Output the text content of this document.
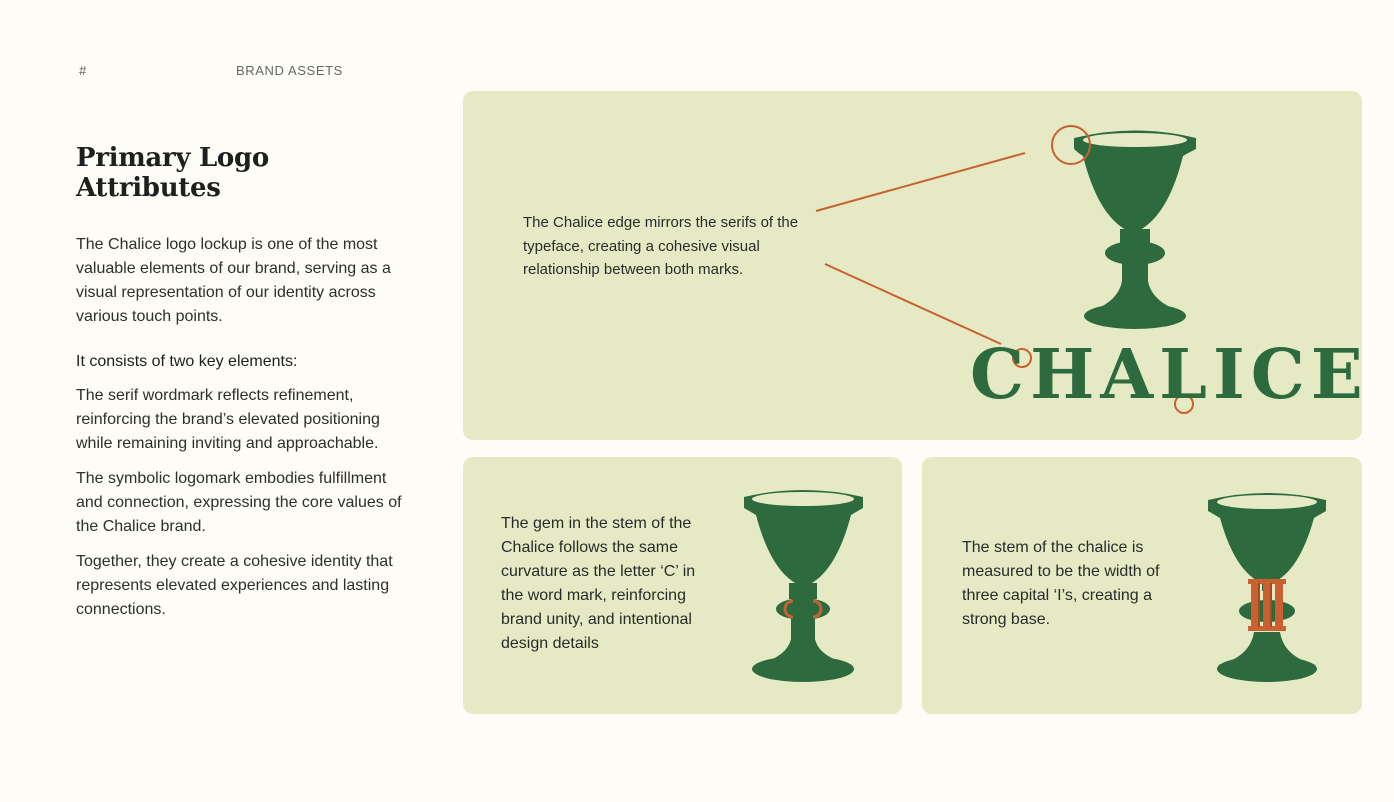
#	BRAND ASSETS
Primary Logo Attributes

The Chalice logo lockup is one of the most valuable elements of our brand, serving as a visual representation of our identity across various touch points.

It consists of two key elements:

The serif wordmark reflects refinement, reinforcing the brand’s elevated positioning while remaining inviting and approachable.

The symbolic logomark embodies fulfillment and connection, expressing the core values of the Chalice brand.

Together, they create a cohesive identity that represents elevated experiences and lasting connections.

The Chalice edge mirrors the serifs of the typeface, creating a cohesive visual relationship between both marks.
CHALICE
The gem in the stem of the Chalice follows the same curvature as the letter ‘C’ in the word mark, reinforcing brand unity, and intentional design details
The stem of the chalice is measured to be the width of three capital ‘I’s, creating a strong base.
